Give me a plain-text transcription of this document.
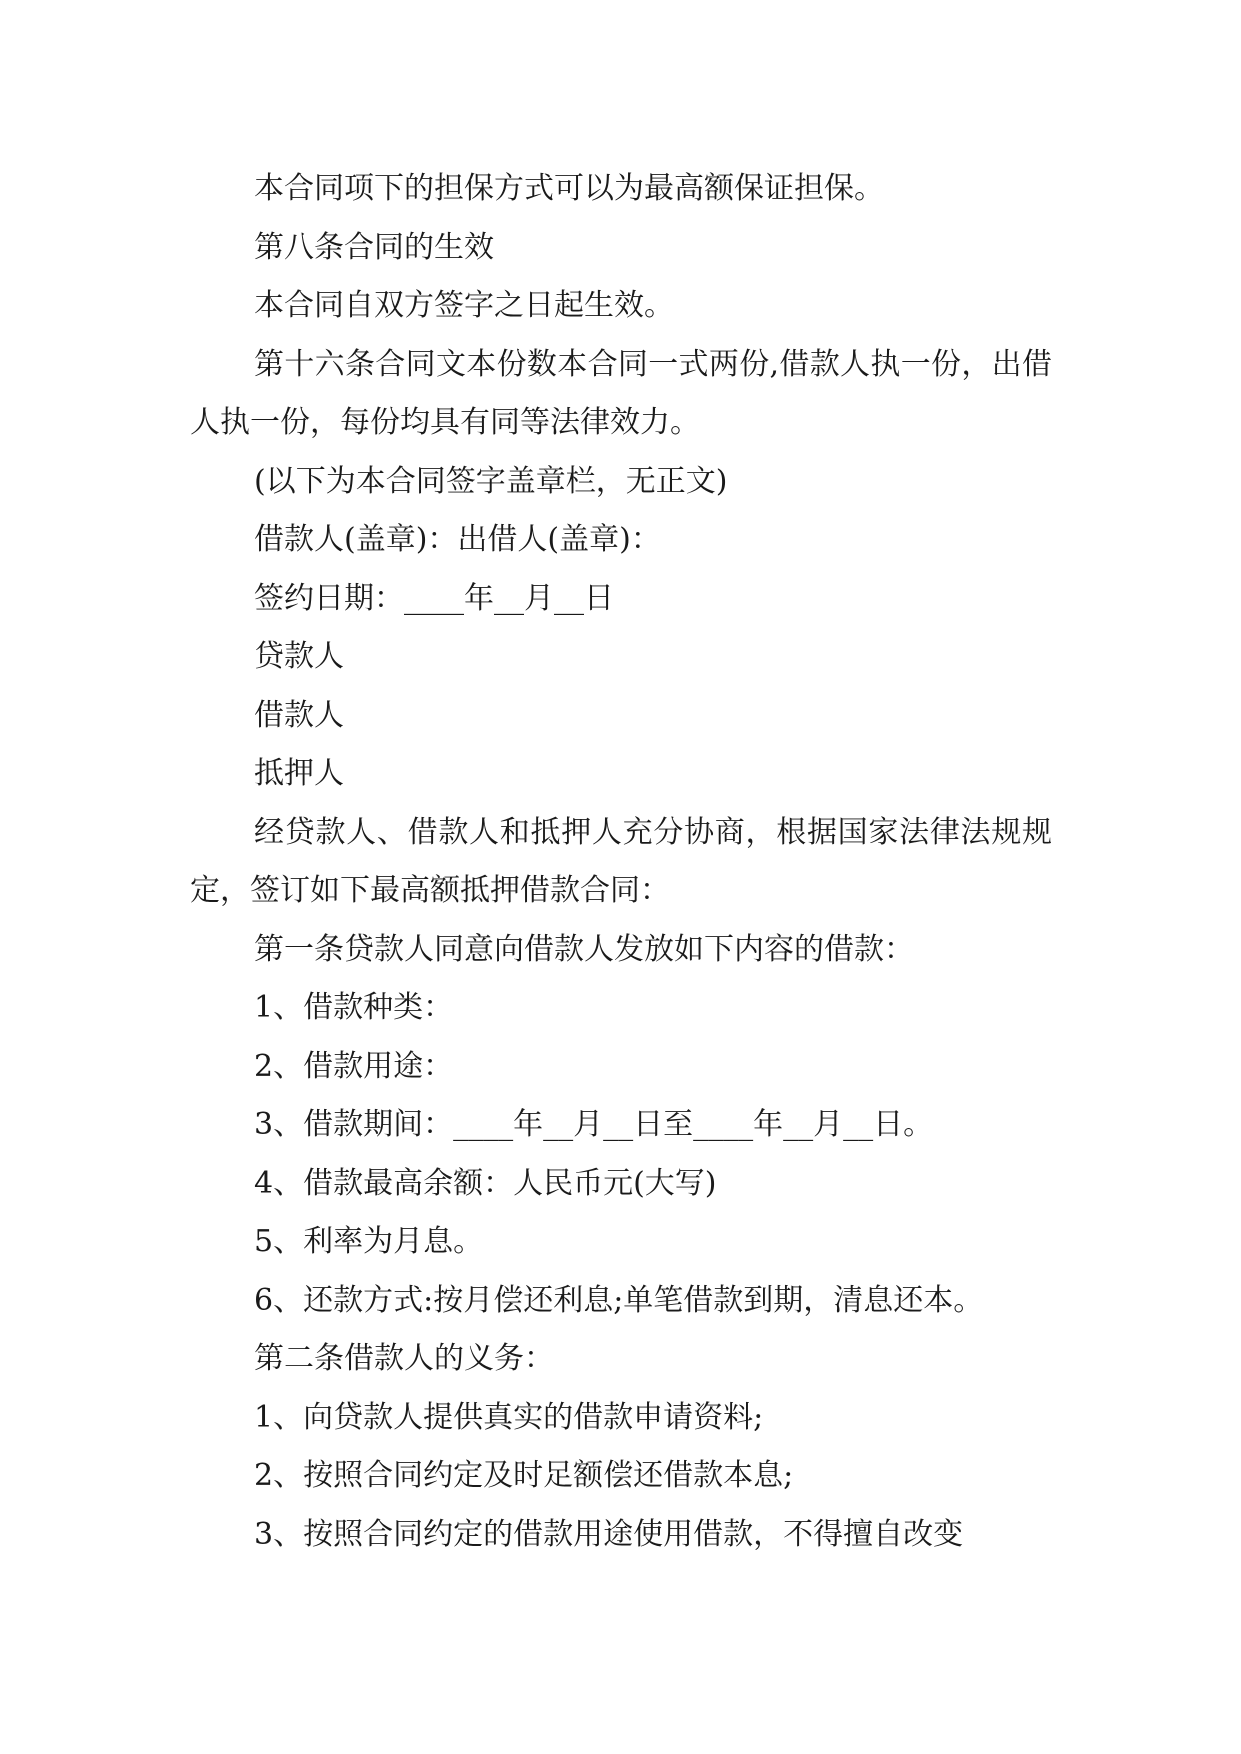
本合同项下的担保方式可以为最高额保证担保。

第八条合同的生效

本合同自双方签字之日起生效。

第十六条合同文本份数本合同一式两份,借款人执一份，出借人执一份，每份均具有同等法律效力。

(以下为本合同签字盖章栏，无正文)

借款人(盖章)：出借人(盖章)：

签约日期：____年__月__日

贷款人

借款人

抵押人

经贷款人、借款人和抵押人充分协商，根据国家法律法规规定，签订如下最高额抵押借款合同：

第一条贷款人同意向借款人发放如下内容的借款：

1、借款种类：

2、借款用途：

3、借款期间：____年__月__日至____年__月__日。

4、借款最高余额：人民币元(大写)

5、利率为月息。

6、还款方式:按月偿还利息;单笔借款到期，清息还本。

第二条借款人的义务：

1、向贷款人提供真实的借款申请资料;

2、按照合同约定及时足额偿还借款本息;

3、按照合同约定的借款用途使用借款，不得擅自改变
